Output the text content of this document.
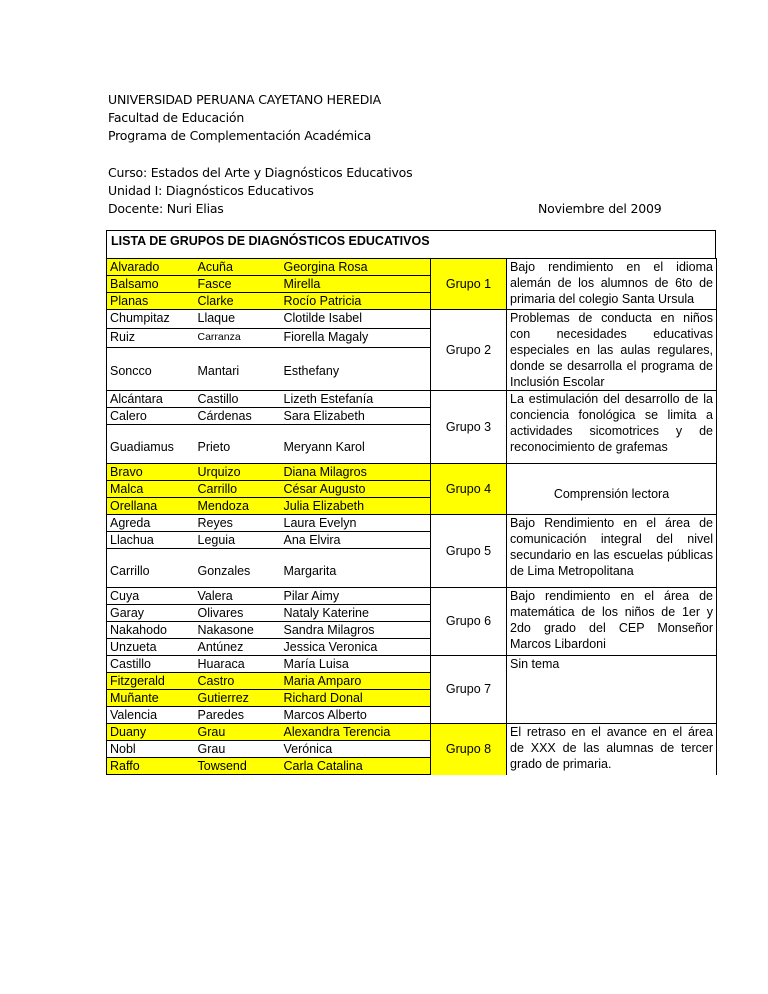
UNIVERSIDAD PERUANA CAYETANO HEREDIA
Facultad de Educación
Programa de Complementación Académica
Curso: Estados del Arte y Diagnósticos Educativos
Unidad I: Diagnósticos Educativos
Docente: Nuri Elias	Noviembre del 2009
LISTA DE GRUPOS DE DIAGNÓSTICOS EDUCATIVOS
Alvarado	Acuña	Georgina Rosa	Grupo 1	Bajo rendimiento en el idioma alemán de los alumnos de 6to de primaria del colegio Santa Ursula
Balsamo	Fasce	Mirella		
Planas	Clarke	Rocío Patricia		
Chumpitaz	Llaque	Clotilde Isabel	Grupo 2	Problemas de conducta en niños con necesidades educativas especiales en las aulas regulares, donde se desarrolla el programa de Inclusión Escolar
Ruiz	Carranza	Fiorella Magaly		
Soncco	Mantari	Esthefany		
Alcántara	Castillo	Lizeth Estefanía	Grupo 3	La estimulación del desarrollo de la conciencia fonológica se limita a actividades sicomotrices y de reconocimiento de grafemas
Calero	Cárdenas	Sara Elizabeth		
Guadiamus	Prieto	Meryann Karol		
Bravo	Urquizo	Diana Milagros	Grupo 4	Comprensión lectora
Malca	Carrillo	César Augusto		
Orellana	Mendoza	Julia Elizabeth		
Agreda	Reyes	Laura Evelyn	Grupo 5	Bajo Rendimiento en el área de comunicación integral del nivel secundario en las escuelas públicas de Lima Metropolitana
Llachua	Leguia	Ana Elvira		
Carrillo	Gonzales	Margarita		
Cuya	Valera	Pilar Aimy	Grupo 6	Bajo rendimiento en el área de matemática de los niños de 1er y 2do grado del CEP Monseñor Marcos Libardoni
Garay	Olivares	Nataly Katerine		
Nakahodo	Nakasone	Sandra Milagros		
Unzueta	Antúnez	Jessica Veronica		
Castillo	Huaraca	María Luisa	Grupo 7	Sin tema
Fitzgerald	Castro	Maria Amparo		
Muñante	Gutierrez	Richard Donal		
Valencia	Paredes	Marcos Alberto		
Duany	Grau	Alexandra Terencia	Grupo 8	El retraso en el avance en el área de XXX de las alumnas de tercer grado de primaria.
Nobl	Grau	Verónica		
Raffo	Towsend	Carla Catalina		
